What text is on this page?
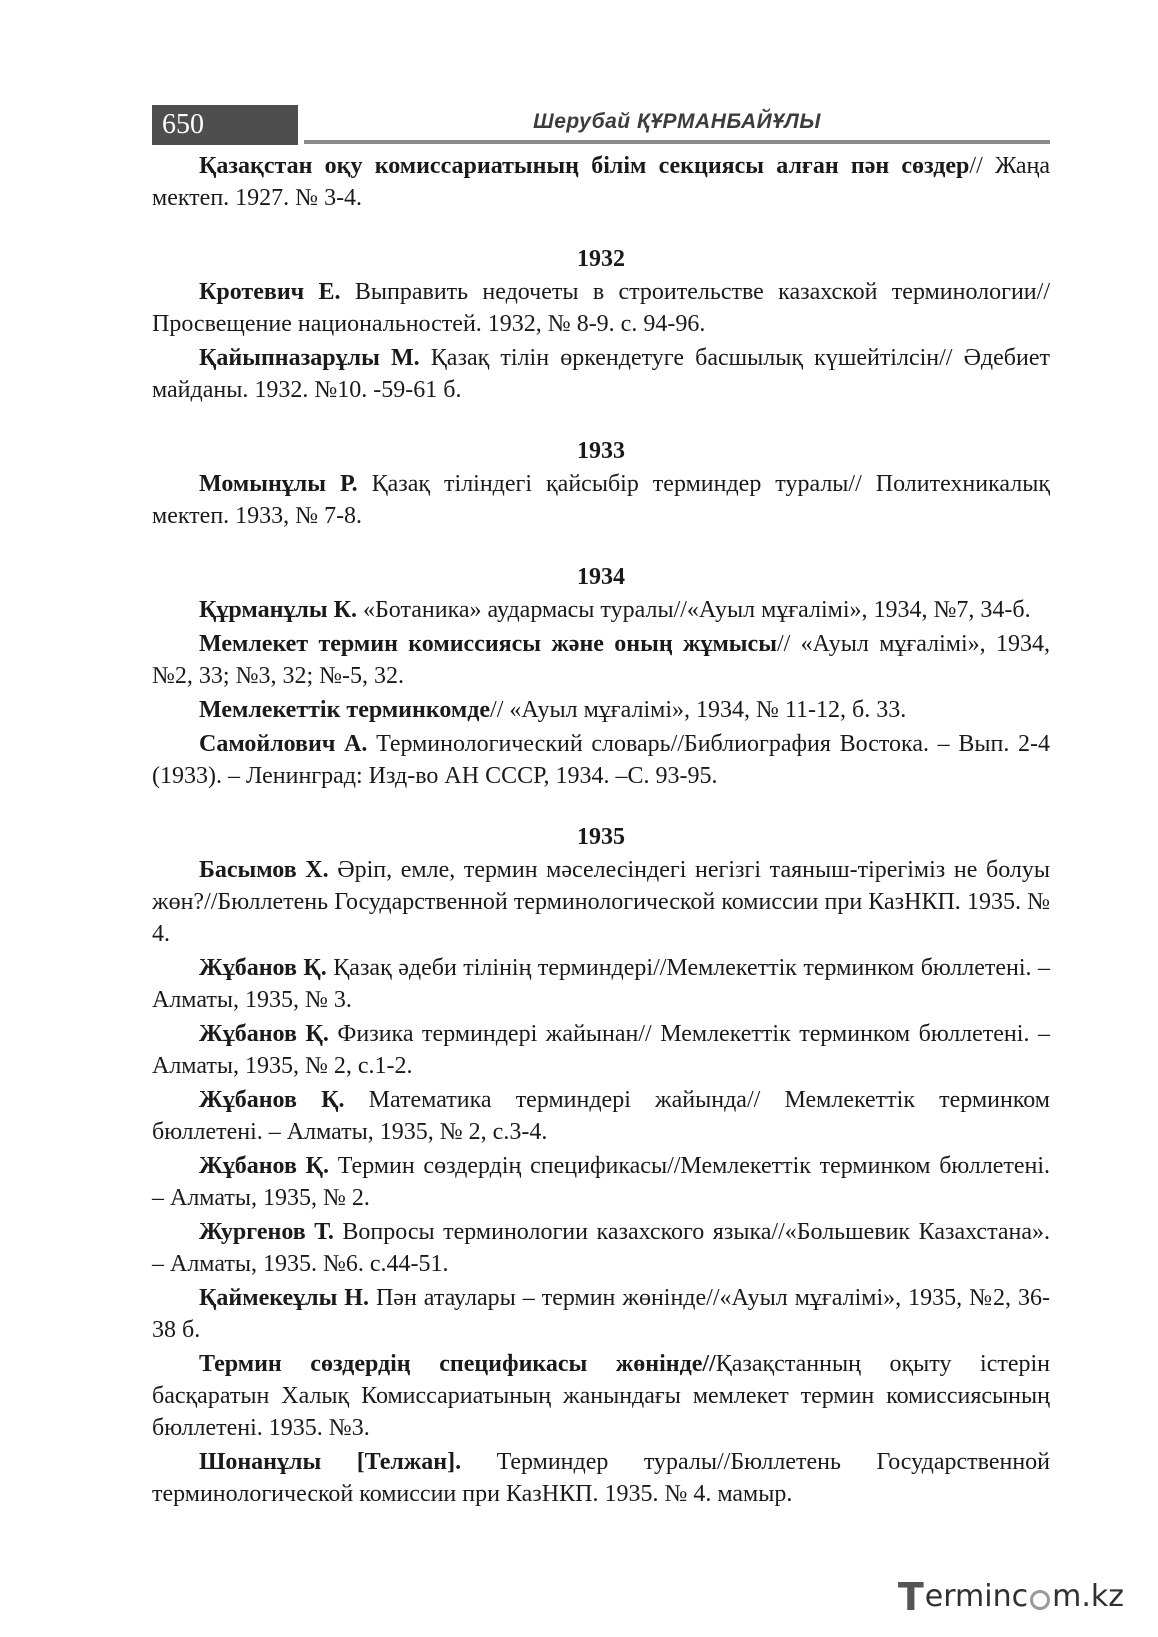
650	Шерубай ҚҰРМАНБАЙҰЛЫ

Қазақстан оқу комиссариатының білім секциясы алған пән сөздер// Жаңа мектеп. 1927. № 3-4.

1932

Кротевич Е. Выправить недочеты в строительстве казахской терминологии// Просвещение национальностей. 1932, № 8-9. с. 94-96.

Қайыпназарұлы М. Қазақ тілін өркендетуге басшылық күшейтілсін// Әдебиет майданы. 1932. №10. -59-61 б.

1933

Момынұлы Р. Қазақ тіліндегі қайсыбір терминдер туралы// Политехникалық мектеп. 1933, № 7-8.

1934

Құрманұлы К. «Ботаника» аудармасы туралы//«Ауыл мұғалімі», 1934, №7, 34-б.

Мемлекет термин комиссиясы және оның жұмысы// «Ауыл мұғалімі», 1934, №2, 33; №3, 32; №-5, 32.

Мемлекеттік терминкомде// «Ауыл мұғалімі», 1934, № 11-12, б. 33.

Самойлович А. Терминологический словарь//Библиография Востока. – Вып. 2-4 (1933). – Ленинград: Изд-во АН СССР, 1934. –С. 93-95.

1935

Басымов Х. Әріп, емле, термин мәселесіндегі негізгі таяныш-тірегіміз не болуы жөн?//Бюллетень Государственной терминологической комиссии при КазНКП. 1935. № 4.

Жұбанов Қ. Қазақ әдеби тілінің терминдері//Мемлекеттік терминком бюллетені. – Алматы, 1935, № 3.

Жұбанов Қ. Физика терминдері жайынан// Мемлекеттік терминком бюллетені. – Алматы, 1935, № 2, с.1-2.

Жұбанов Қ. Математика терминдері жайында// Мемлекеттік терминком бюллетені. – Алматы, 1935, № 2, с.3-4.

Жұбанов Қ. Термин сөздердің спецификасы//Мемлекеттік терминком бюллетені. – Алматы, 1935, № 2.

Жургенов Т. Вопросы терминологии казахского языка//«Большевик Казахстана». – Алматы, 1935. №6. с.44-51.

Қаймекеұлы Н. Пән атаулары – термин жөнінде//«Ауыл мұғалімі», 1935, №2, 36-38 б.

Термин сөздердің спецификасы жөнінде//Қазақстанның оқыту істерін басқаратын Халық Комиссариатының жанындағы мемлекет термин комиссиясының бюллетені. 1935. №3.

Шонанұлы [Телжан]. Терминдер туралы//Бюллетень Государственной терминологической комиссии при КазНКП. 1935. № 4. мамыр.

T erminc m.kz
